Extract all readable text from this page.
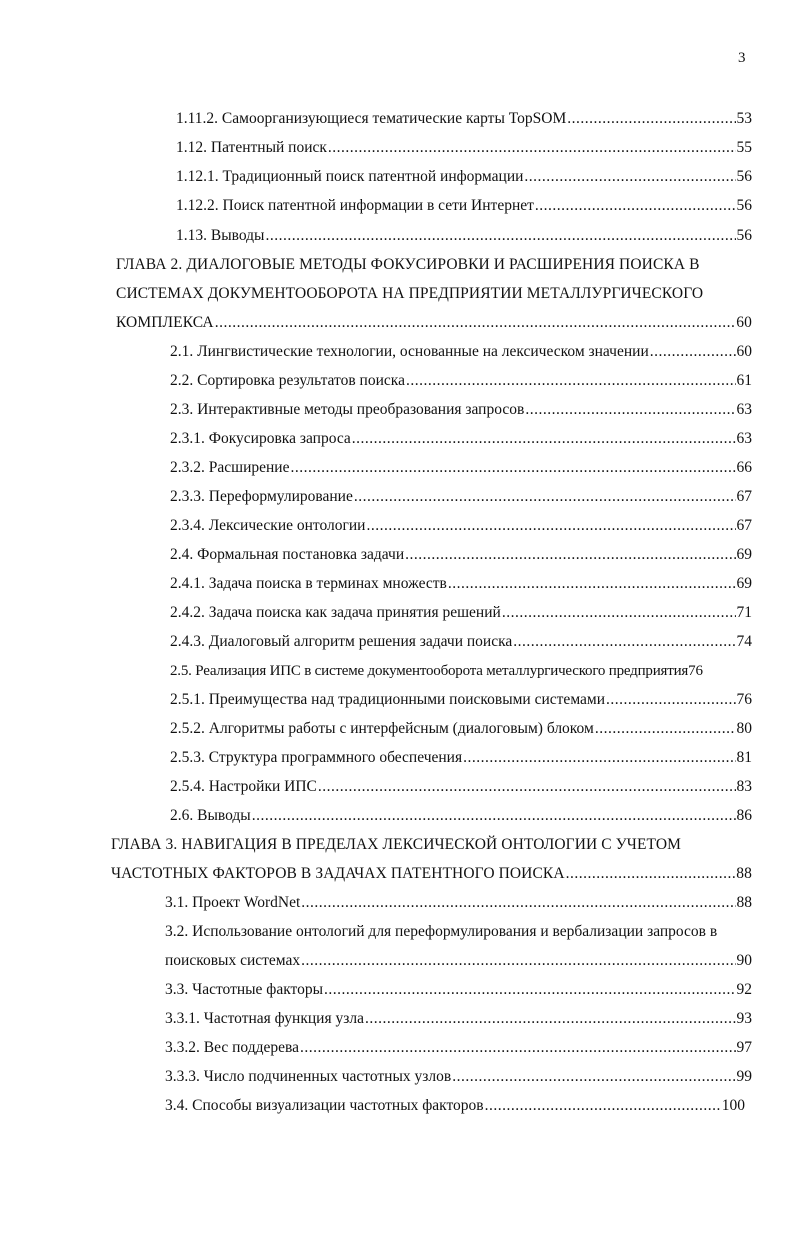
3
1.11.2. Самоорганизующиеся тематические карты TopSOM .....	53
1.12. Патентный поиск .....	55
1.12.1. Традиционный поиск патентной информации .....	56
1.12.2. Поиск патентной информации в сети Интернет .....	56
1.13. Выводы .....	56
ГЛАВА 2. ДИАЛОГОВЫЕ МЕТОДЫ ФОКУСИРОВКИ И РАСШИРЕНИЯ ПОИСКА В
СИСТЕМАХ ДОКУМЕНТООБОРОТА НА ПРЕДПРИЯТИИ МЕТАЛЛУРГИЧЕСКОГО
КОМПЛЕКСА .....	60
2.1. Лингвистические технологии, основанные на лексическом значении .....	60
2.2. Сортировка результатов поиска .....	61
2.3. Интерактивные методы преобразования запросов .....	63
2.3.1. Фокусировка запроса .....	63
2.3.2. Расширение .....	66
2.3.3. Переформулирование .....	67
2.3.4. Лексические онтологии .....	67
2.4. Формальная постановка задачи .....	69
2.4.1. Задача поиска в терминах множеств .....	69
2.4.2. Задача поиска как задача принятия решений .....	71
2.4.3. Диалоговый алгоритм решения задачи поиска .....	74
2.5. Реализация ИПС в системе документооборота металлургического предприятия 76
2.5.1. Преимущества над традиционными поисковыми системами .....	76
2.5.2. Алгоритмы работы с интерфейсным (диалоговым) блоком .....	80
2.5.3. Структура программного обеспечения .....	81
2.5.4. Настройки ИПС .....	83
2.6. Выводы .....	86
ГЛАВА 3. НАВИГАЦИЯ В ПРЕДЕЛАХ ЛЕКСИЧЕСКОЙ ОНТОЛОГИИ С УЧЕТОМ
ЧАСТОТНЫХ ФАКТОРОВ В ЗАДАЧАХ ПАТЕНТНОГО ПОИСКА .....	88
3.1. Проект WordNet .....	88
3.2. Использование онтологий для переформулирования и вербализации запросов в
поисковых системах .....	90
3.3. Частотные факторы .....	92
3.3.1. Частотная функция узла .....	93
3.3.2. Вес поддерева .....	97
3.3.3. Число подчиненных частотных узлов .....	99
3.4. Способы визуализации частотных факторов .....	100
